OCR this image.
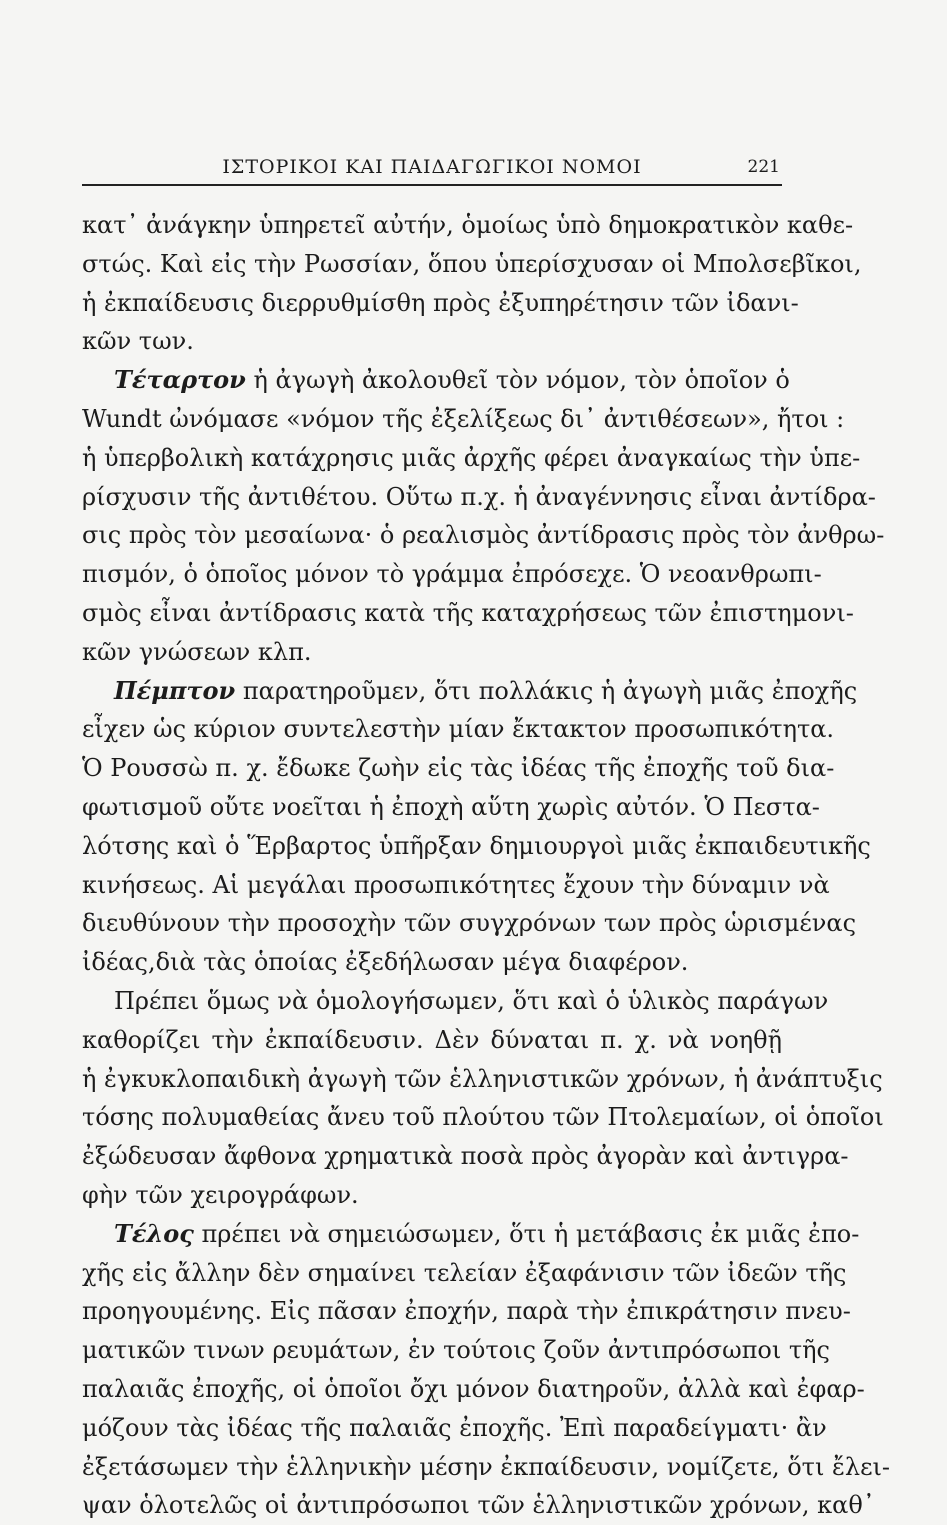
ΙΣΤΟΡΙΚΟΙ ΚΑΙ ΠΑΙΔΑΓΩΓΙΚΟΙ ΝΟΜΟΙ	221
κατ᾽ ἀνάγκην ὑπηρετεῖ αὐτήν, ὁμοίως ὑπὸ δημοκρατικὸν καθε-
στώς. Καὶ εἰς τὴν Ρωσσίαν, ὅπου ὑπερίσχυσαν οἱ Μπολσεβῖκοι,
ἡ ἐκπαίδευσις διερρυθμίσθη πρὸς ἐξυπηρέτησιν τῶν ἰδανι-
κῶν των.
Τέταρτον ἡ ἀγωγὴ ἀκολουθεῖ τὸν νόμον, τὸν ὁποῖον ὁ
Wundt ὠνόμασε «νόμον τῆς ἐξελίξεως δι᾽ ἀντιθέσεων», ἤτοι :
ἡ ὑπερβολικὴ κατάχρησις μιᾶς ἀρχῆς φέρει ἀναγκαίως τὴν ὑπε-
ρίσχυσιν τῆς ἀντιθέτου. Οὕτω π.χ. ἡ ἀναγέννησις εἶναι ἀντίδρα-
σις πρὸς τὸν μεσαίωνα· ὁ ρεαλισμὸς ἀντίδρασις πρὸς τὸν ἀνθρω-
πισμόν, ὁ ὁποῖος μόνον τὸ γράμμα ἐπρόσεχε. Ὁ νεοανθρωπι-
σμὸς εἶναι ἀντίδρασις κατὰ τῆς καταχρήσεως τῶν ἐπιστημονι-
κῶν γνώσεων κλπ.
Πέμπτον παρατηροῦμεν, ὅτι πολλάκις ἡ ἀγωγὴ μιᾶς ἐποχῆς
εἶχεν ὡς κύριον συντελεστὴν μίαν ἔκτακτον προσωπικότητα.
Ὁ Ρουσσὼ π. χ. ἔδωκε ζωὴν εἰς τὰς ἰδέας τῆς ἐποχῆς τοῦ δια-
φωτισμοῦ οὔτε νοεῖται ἡ ἐποχὴ αὕτη χωρὶς αὐτόν. Ὁ Πεστα-
λότσης καὶ ὁ Ἕρβαρτος ὑπῆρξαν δημιουργοὶ μιᾶς ἐκπαιδευτικῆς
κινήσεως. Αἱ μεγάλαι προσωπικότητες ἔχουν τὴν δύναμιν νὰ
διευθύνουν τὴν προσοχὴν τῶν συγχρόνων των πρὸς ὡρισμένας
ἰδέας,διὰ τὰς ὁποίας ἐξεδήλωσαν μέγα διαφέρον.
Πρέπει ὅμως νὰ ὁμολογήσωμεν, ὅτι καὶ ὁ ὑλικὸς παράγων
καθορίζει τὴν ἐκπαίδευσιν. Δὲν δύναται π. χ. νὰ νοηθῇ
ἡ ἐγκυκλοπαιδικὴ ἀγωγὴ τῶν ἑλληνιστικῶν χρόνων, ἡ ἀνάπτυξις
τόσης πολυμαθείας ἄνευ τοῦ πλούτου τῶν Πτολεμαίων, οἱ ὁποῖοι
ἐξώδευσαν ἄφθονα χρηματικὰ ποσὰ πρὸς ἀγορὰν καὶ ἀντιγρα-
φὴν τῶν χειρογράφων.
Τέλος πρέπει νὰ σημειώσωμεν, ὅτι ἡ μετάβασις ἐκ μιᾶς ἐπο-
χῆς εἰς ἄλλην δὲν σημαίνει τελείαν ἐξαφάνισιν τῶν ἰδεῶν τῆς
προηγουμένης. Εἰς πᾶσαν ἐποχήν, παρὰ τὴν ἐπικράτησιν πνευ-
ματικῶν τινων ρευμάτων, ἐν τούτοις ζοῦν ἀντιπρόσωποι τῆς
παλαιᾶς ἐποχῆς, οἱ ὁποῖοι ὄχι μόνον διατηροῦν, ἀλλὰ καὶ ἐφαρ-
μόζουν τὰς ἰδέας τῆς παλαιᾶς ἐποχῆς. Ἐπὶ παραδείγματι· ἂν
ἐξετάσωμεν τὴν ἑλληνικὴν μέσην ἐκπαίδευσιν, νομίζετε, ὅτι ἔλει-
ψαν ὁλοτελῶς οἱ ἀντιπρόσωποι τῶν ἑλληνιστικῶν χρόνων, καθ᾽
